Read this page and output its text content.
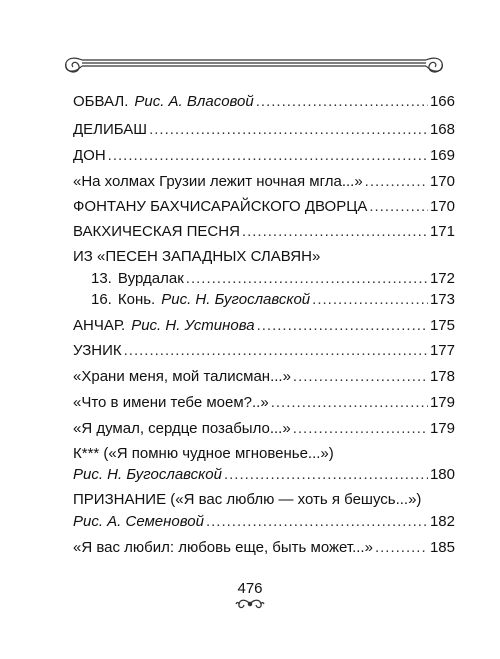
ОБВАЛ. Рис. А. Власовой .....	166
ДЕЛИБАШ .....	168
ДОН .....	169
«На холмах Грузии лежит ночная мгла...» .....	170
ФОНТАНУ БАХЧИСАРАЙСКОГО ДВОРЦА .....	170
ВАКХИЧЕСКАЯ ПЕСНЯ .....	171
ИЗ «ПЕСЕН ЗАПАДНЫХ СЛАВЯН»
13. Вурдалак .....	172
16. Конь. Рис. Н. Бугославской .....	173
АНЧАР. Рис. Н. Устинова .....	175
УЗНИК .....	177
«Храни меня, мой талисман...» .....	178
«Что в имени тебе моем?..» .....	179
«Я думал, сердце позабыло...» .....	179
К*** («Я помню чудное мгновенье...»)
Рис. Н. Бугославской .....	180
ПРИЗНАНИЕ («Я вас люблю — хоть я бешусь...»)
Рис. А. Семеновой .....	182
«Я вас любил: любовь еще, быть может...» .....	185
476
